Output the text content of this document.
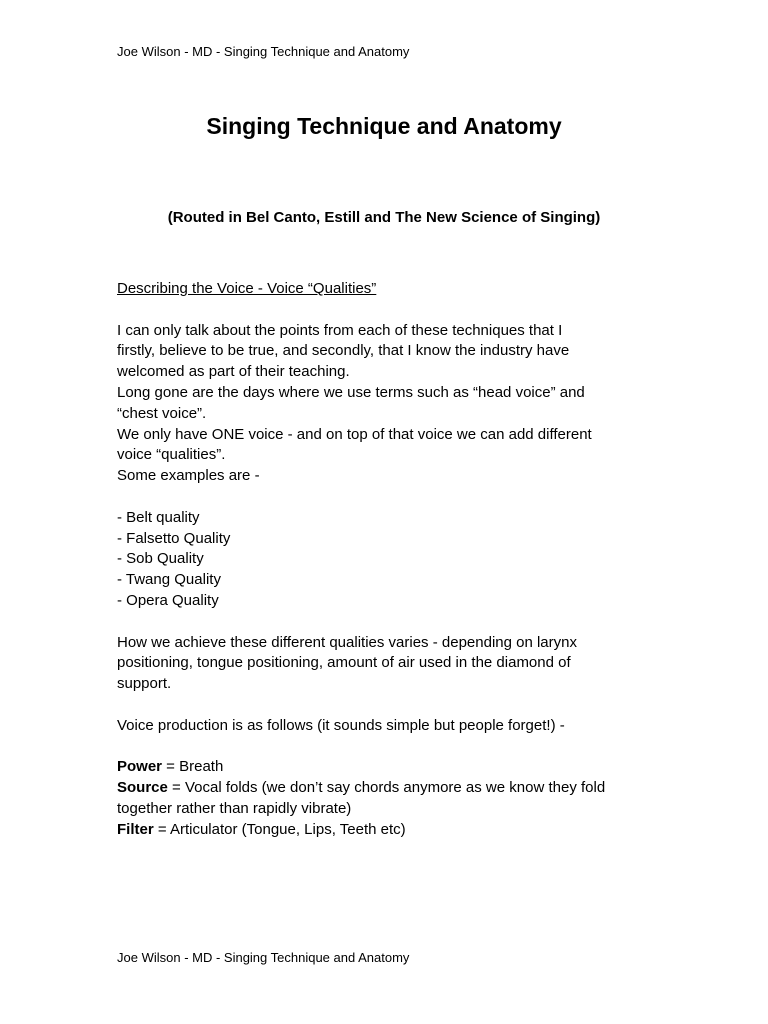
Joe Wilson - MD - Singing Technique and Anatomy
Singing Technique and Anatomy
(Routed in Bel Canto, Estill and The New Science of Singing)
Describing the Voice - Voice “Qualities”
I can only talk about the points from each of these techniques that I
firstly, believe to be true, and secondly, that I know the industry have
welcomed as part of their teaching.
Long gone are the days where we use terms such as “head voice” and
“chest voice”.
We only have ONE voice - and on top of that voice we can add different
voice “qualities”.
Some examples are -
- Belt quality
- Falsetto Quality
- Sob Quality
- Twang Quality
- Opera Quality
How we achieve these different qualities varies - depending on larynx
positioning, tongue positioning, amount of air used in the diamond of
support.
Voice production is as follows (it sounds simple but people forget!) -
Power = Breath
Source = Vocal folds (we don’t say chords anymore as we know they fold
together rather than rapidly vibrate)
Filter = Articulator (Tongue, Lips, Teeth etc)
Joe Wilson - MD - Singing Technique and Anatomy
